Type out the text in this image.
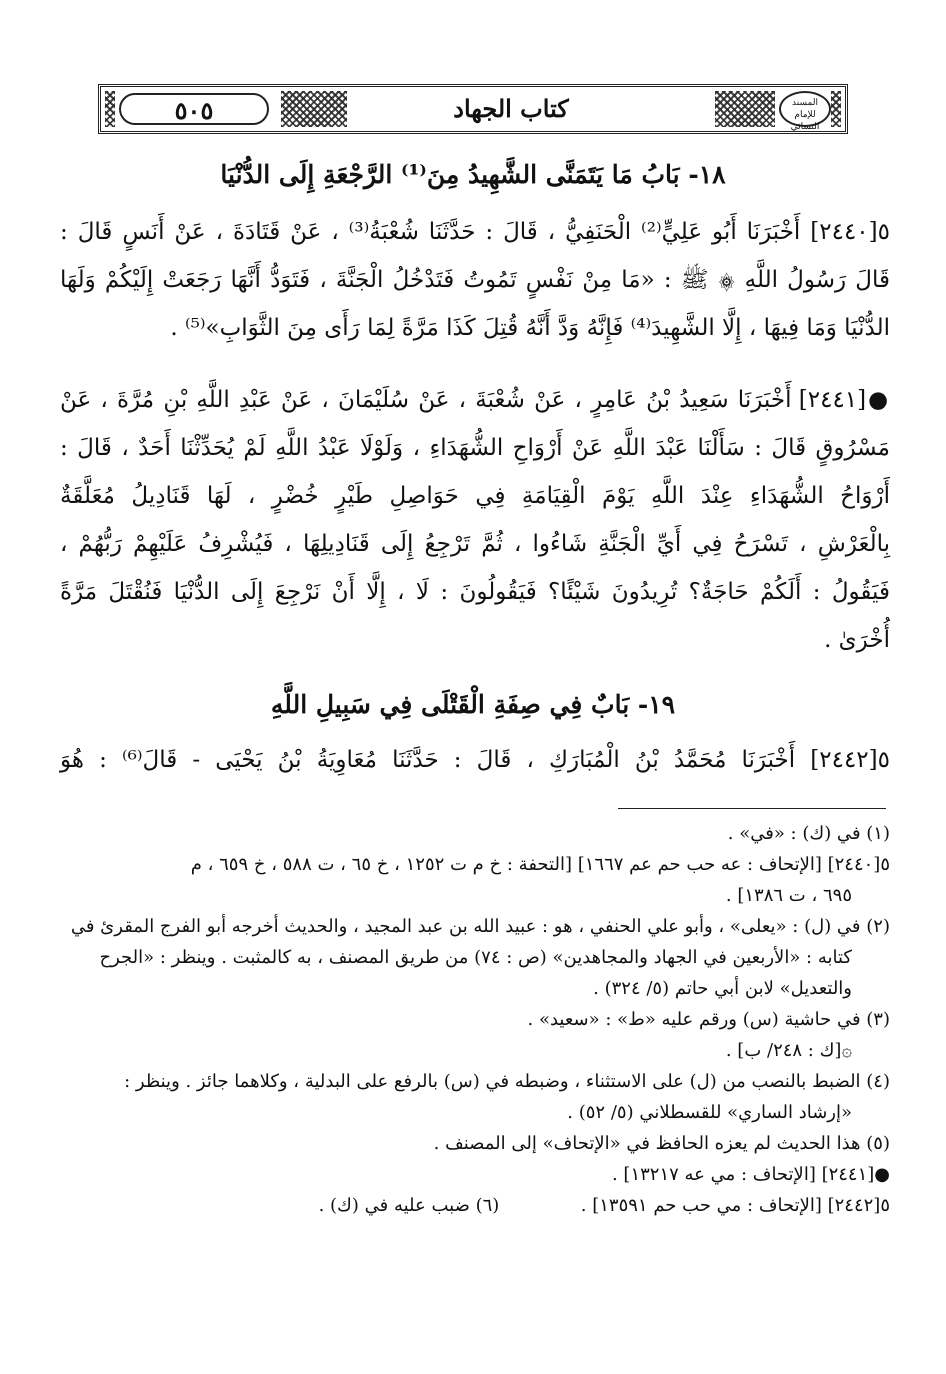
٥٠٥	كتاب الجهاد	المسند للإمام النسائي
١٨- بَابُ مَا يَتَمَنَّى الشَّهِيدُ مِنَ⁽¹⁾ الرَّجْعَةِ إِلَى الدُّنْيَا
٥[٢٤٤٠] أَخْبَرَنَا أَبُو عَلِيٍّ⁽²⁾ الْحَنَفِيُّ ، قَالَ : حَدَّثَنَا شُعْبَةُ⁽³⁾ ، عَنْ قَتَادَةَ ، عَنْ أَنَسٍ قَالَ :
قَالَ رَسُولُ اللَّهِ ۞ ﷺ : «مَا مِنْ نَفْسٍ تَمُوتُ فَتَدْخُلُ الْجَنَّةَ ، فَتَوَدُّ أَنَّهَا رَجَعَتْ إِلَيْكُمْ وَلَهَا
الدُّنْيَا وَمَا فِيهَا ، إِلَّا الشَّهِيدَ⁽⁴⁾ فَإِنَّهُ وَدَّ أَنَّهُ قُتِلَ كَذَا مَرَّةً لِمَا رَأَى مِنَ الثَّوَابِ»⁽⁵⁾ .
●[٢٤٤١] أَخْبَرَنَا سَعِيدُ بْنُ عَامِرٍ ، عَنْ شُعْبَةَ ، عَنْ سُلَيْمَانَ ، عَنْ عَبْدِ اللَّهِ بْنِ مُرَّةَ ، عَنْ
مَسْرُوقٍ قَالَ : سَأَلْنَا عَبْدَ اللَّهِ عَنْ أَرْوَاحِ الشُّهَدَاءِ ، وَلَوْلَا عَبْدُ اللَّهِ لَمْ يُحَدِّثْنَا أَحَدٌ ، قَالَ :
أَرْوَاحُ الشُّهَدَاءِ عِنْدَ اللَّهِ يَوْمَ الْقِيَامَةِ فِي حَوَاصِلِ طَيْرٍ خُضْرٍ ، لَهَا قَنَادِيلُ مُعَلَّقَةٌ
بِالْعَرْشِ ، تَسْرَحُ فِي أَيِّ الْجَنَّةِ شَاءُوا ، ثُمَّ تَرْجِعُ إِلَى قَنَادِيلِهَا ، فَيُشْرِفُ عَلَيْهِمْ رَبُّهُمْ ،
فَيَقُولُ : أَلَكُمْ حَاجَةٌ؟ تُرِيدُونَ شَيْئًا؟ فَيَقُولُونَ : لَا ، إِلَّا أَنْ نَرْجِعَ إِلَى الدُّنْيَا فَنُقْتَلَ مَرَّةً
أُخْرَىٰ .
١٩- بَابٌ فِي صِفَةِ الْقَتْلَى فِي سَبِيلِ اللَّهِ
٥[٢٤٤٢] أَخْبَرَنَا مُحَمَّدُ بْنُ الْمُبَارَكِ ، قَالَ : حَدَّثَنَا مُعَاوِيَةُ بْنُ يَحْيَى - قَالَ⁽⁶⁾ : هُوَ
(١) في (ك) : «في» .
٥[٢٤٤٠] [الإتحاف : عه حب حم عم ١٦٦٧] [التحفة : خ م ت ١٢٥٢ ، خ ٦٥ ، ت ٥٨٨ ، خ ٦٥٩ ، م
٦٩٥ ، ت ١٣٨٦] .
(٢) في (ل) : «يعلى» ، وأبو علي الحنفي ، هو : عبيد الله بن عبد المجيد ، والحديث أخرجه أبو الفرج المقرئ في
كتابه : «الأربعين في الجهاد والمجاهدين» (ص : ٧٤) من طريق المصنف ، به كالمثبت . وينظر : «الجرح
والتعديل» لابن أبي حاتم (٥/ ٣٢٤) .
(٣) في حاشية (س) ورقم عليه «ط» : «سعيد» .
۞[ك : ٢٤٨/ ب] .
(٤) الضبط بالنصب من (ل) على الاستثناء ، وضبطه في (س) بالرفع على البدلية ، وكلاهما جائز . وينظر :
«إرشاد الساري» للقسطلاني (٥/ ٥٢) .
(٥) هذا الحديث لم يعزه الحافظ في «الإتحاف» إلى المصنف .
●[٢٤٤١] [الإتحاف : مي عه ١٣٢١٧] .
٥[٢٤٤٢] [الإتحاف : مي حب حم ١٣٥٩١] .  (٦) ضبب عليه في (ك) .
